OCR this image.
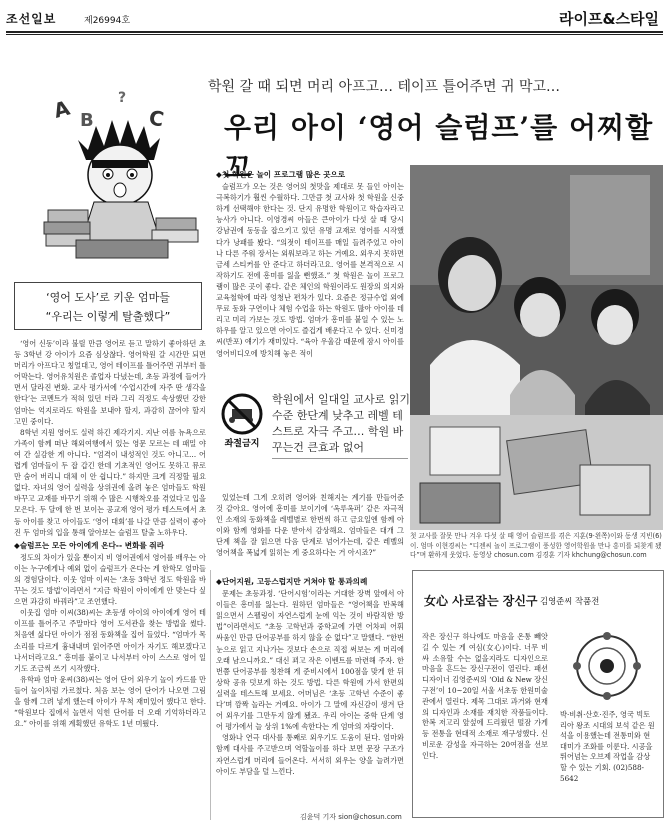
조선일보	제26994호	라이프&스타일
학원 갈 때 되면 머리 아프고… 테이프 틀어주면 귀 막고…
우리 아이 ‘영어 슬럼프’를 어찌할꼬
A B	C
?
‘영어 도사’로 키운 엄마들
“우리는 이렇게 탈출했다”

‘영어 신동’이라 불릴 만큼 영어로 듣고 말하기 좋아하던 초등 3학년 강 아이가 요즘 심상찮다. 영어학원 갈 시간만 되면 머리가 아프다고 칭얼대고, 영어 테이프를 틀어주면 귀부터 틀어막는다. 영어유치원은 졸업자 다녔는데, 초등 과정에 들어가면서 달라진 변화. 교사 평가서에 ‘수업시간에 자주 딴 생각을 한다’는 코멘트가 적혀 있던 터라 그리 걱정도 속상했던 강한 엄마는 억지로라도 학원을 보내야 할지, 과감히 끊어야 할지 고민 중이다.

8학년 지원 영어도 실력 하긴 제각기지. 지난 여름 뉴욕으로 가족이 함께 떠난 해외여행에서 있는 영문 모르는 데 패밀 야 여 간 실감한 게 아니다. “엄격이 내성적인 것도 아니고… 어렵게 엄마들이 두 잡 갑긴 한데 기초적인 영어도 못하고 뮤로만 숨어 버리니 대체 이 안 쉽니다.” 하지만 크게 걱정할 필요 없다. 자녀의 영어 실력을 상위권에 올려 놓은 엄마들도 학원 바꾸고 교재를 바꾸기 위해 수 많은 시행착오를 겪었다고 입을 모은다. 두 달에 한 번 보이는 공교재 영어 평가 테스트에서 초등 아이를 찾고 아이들도 ‘영어 대회’를 나갈 만큼 실력이 좋아진 두 엄마의 입을 통해 알아보는 슬럼프 탈출 노하우다.

◆슬럼프는 모든 아이에게 온다-- 변화를 줘라

정도의 차이가 있을 뿐이지 비 영어권에서 영어를 배우는 아이는 누구에게나 예외 없이 슬럼프가 온다는 게 한학모 엄마들의 경험담이다. 이웃 엄마 이씨는 ‘초등 3학년 정도 학원을 바꾸는 것도 방법’이라면서 “지금 학원이 아이에게 안 맞는다 싶으면 과감히 바꿔라”고 조언했다.

이웃집 엄마 이씨(38)씨는 초등생 아이의 아이에게 영어 테이프를 틀어주고 주말마다 영어 도서관을 찾는 방법을 썼다. 처음엔 싫다던 아이가 점점 동화책을 집어 들었다. “엄마가 목소리를 다르게 흉내내며 읽어주면 아이가 자기도 해보겠다고 나서더라고요.” 흥미를 붙이고 나서부터 아이 스스로 영어 일기도 조금씩 쓰기 시작했다.

유학파 엄마 윤씨(38)씨는 영어 단어 외우기 놀이 카드를 만들어 놀이처럼 가르쳤다. 처음 보는 영어 단어가 나오면 그림을 함께 그려 넣게 했는데 아이가 무척 재미있어 했다고 한다. “학원보다 집에서 놀면서 익힌 단어를 더 오래 기억하더라고요.” 아이를 위해 계획했던 유학도 1년 미뤘다.

◆첫 학원은 놀이 프로그램 많은 곳으로

슬럼프가 오는 것은 영어의 첫맛을 제대로 못 들인 아이는 극복하기가 훨씬 수월하다. 그만큼 첫 교사와 첫 학원을 신중하게 선택해야 한다는 것. 단지 유명한 학원이고 학습자라고 능사가 아니다. 이영경씨 아들은 큰아이가 다섯 살 때 당시 강남권에 동동을 잡으키고 있던 유명 교재로 영어를 시작했다가 낭패를 봤다. “의젓이 테이프를 매일 들려주었고 아이나 다른 주워 장서는 외워보라고 하는 거예요. 외우지 못하면 금세 스티커를 안 준다고 하더라고요. 영어를 본격적으로 시작하기도 전에 흥미를 잃을 뻔했죠.” 첫 학원은 놀이 프로그램이 많은 곳이 좋다. 같은 체인의 학원이라도 원장의 의지와 교육철학에 따라 엉청난 편차가 있다. 요즘은 정규수업 외에 무료 동화 구연이나 체험 수업을 하는 학원도 많아 아이를 데리고 미리 가보는 것도 방법. 엄마가 흥미를 붙일 수 있는 노하우를 알고 있으면 아이도 즐겁게 배운다고 수 있다. 신미경씨(반포) 얘기가 재미있다. “육아 우울감 때문에 잠시 아이를 영어비디오에 방치해 놓은 적이

좌절금지
학원에서 일대일 교사로 읽기 수준 한단계 낮추고 레벨 테스트로 자극 주고… 학원 바꾸는건 큰효과 없어

있었는데 그게 오히려 영어와 친해지는 계기를 만들어준 것 같아요. 영어에 흥미를 보이기에 ‘옥루옥퍼’ 같은 자극적인 소재의 동화책을 레벨별로 한번씩 하고 금요일엔 함께 아이와 함께 영화를 다운 받아서 감상해요. 엄마들은 대개 그 단계 책을 잘 읽으면 다음 단계로 넘어가는데, 같은 레벨의 영어책을 폭넓게 읽히는 게 중요하다는 거 아시죠?”

◆단어지원, 고등스럽지만 거쳐야 할 통과의례

문제는 초등과정. ‘단어시험’이라는 거대한 장벽 앞에서 아이들은 흥미를 잃는다. 원하던 엄마들은 “영어책을 반복해 읽으면서 스펠링이 자연스럽게 눈에 익는 것이 바람직한 방법”이라면서도 “초등 고학년과 중학교에 가면 어차피 어휘 싸움인 만큼 단어공부를 하지 않을 순 없다”고 말했다. “한번 눈으로 읽고 지나가는 것보다 손으로 직접 써보는 게 머리에 오래 남으니까요.” 대신 꾀고 작은 이벤트를 마련해 주자. 한 번쯤 단어공부를 칭찬해 게 준비시에서 100점을 맞게 한 뒤 상학 공유 덧보게 하는 것도 방법. 다른 학원에 가서 한편의 실력을 테스트해 보세요. 어머님은 ‘초등 고학년 수준이 좋다’며 깜짝 놀라는 거예요. 아이가 그 말에 자신감이 생겨 단어 외우기를 그만두지 않게 됐죠. 우리 아이는 중학 단계 영어 평가에서 늘 상위 1%에 속한다는 게 엄마의 자랑이다.

영화나 연극 대사를 통째로 외우기도 도움이 된다. 엄마와 함께 대사를 주고받으며 역할놀이를 하다 보면 문장 구조가 자연스럽게 머리에 들어온다. 서서히 외우는 양을 늘려가면 아이도 부담을 덜 느낀다.

첫 교사를 잘못 만나 겨우 다섯 살 때 영어 슬럼프를 겪은 지훈(9·왼쪽)이와 동생 지빈(6)이. 엄마 이현경씨는 “디젠씨 놀이 프로그램이 풍성한 영어학원을 만나 흥미를 되찾게 됐다”며 환하게 웃었다. 동영상 chosun.com 김경훈 기자 khchung@chosun.com
女心 사로잡는 장신구 김영준씨 작품전
작은 장신구 하나에도 마음을 온통 빼앗길 수 있는 게 여심(女心)이다. 너무 비싸 소유할 수는 없을지라도 디자인으로 마음을 흔드는 장신구전이 열린다. 패션 디자이너 김영준씨의 ‘Old & New 장신구전’이 10~20일 서울 서초동 한원미술관에서 열린다. 제목 그대로 과거와 현재의 디자인과 소재를 재치한 작품들이다. 한복 저고리 앞섶에 드리웠던 떨잠 가게 등 전통을 현대적 소재로 재구성했다. 신비로운 감성을 자극하는 20여점을 선보인다.
박·비취·산호·진주, 영국 빅토리아 왕조 시대의 보석 같은 원석을 이용했는데 전통미와 현대미가 조화를 이룬다. 시공을 뛰어넘는 오브제 작업을 감상할 수 있는 기회. (02)588-5642
김윤덕 기자 sion@chosun.com
